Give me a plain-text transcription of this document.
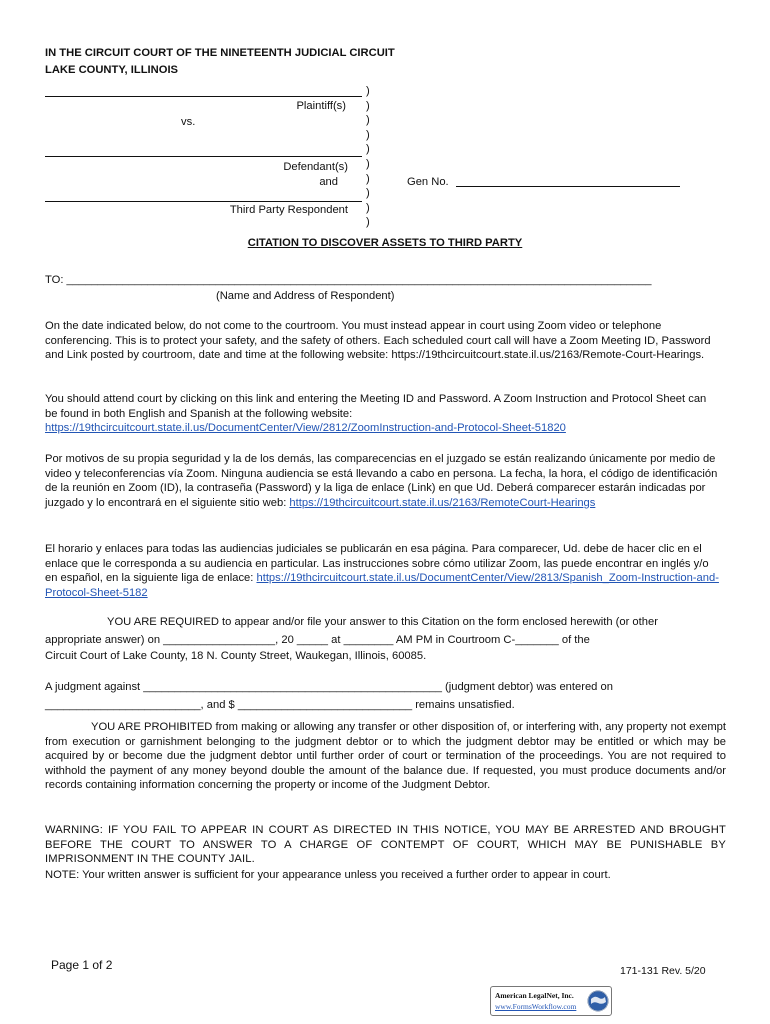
IN THE CIRCUIT COURT OF THE NINETEENTH JUDICIAL CIRCUIT
LAKE COUNTY, ILLINOIS
Plaintiff(s)
vs.
Defendant(s)
and
Third Party Respondent
)
)
)
)
)
)
)
)
)
)
Gen No.
CITATION TO DISCOVER ASSETS TO THIRD PARTY
TO: ______________________________________________________________________________________________
(Name and Address of Respondent)
On the date indicated below, do not come to the courtroom. You must instead appear in court using Zoom video or telephone conferencing. This is to protect your safety, and the safety of others. Each scheduled court call will have a Zoom Meeting ID, Password and Link posted by courtroom, date and time at the following website: https://19thcircuitcourt.state.il.us/2163/Remote-Court-Hearings.
You should attend court by clicking on this link and entering the Meeting ID and Password. A Zoom Instruction and Protocol Sheet can be found in both English and Spanish at the following website: https://19thcircuitcourt.state.il.us/DocumentCenter/View/2812/ZoomInstruction-and-Protocol-Sheet-51820
Por motivos de su propia seguridad y la de los demás, las comparecencias en el juzgado se están realizando únicamente por medio de video y teleconferencias vía Zoom. Ninguna audiencia se está llevando a cabo en persona. La fecha, la hora, el código de identificación de la reunión en Zoom (ID), la contraseña (Password) y la liga de enlace (Link) en que Ud. Deberá comparecer estarán indicadas por juzgado y lo encontrará en el siguiente sitio web: https://19thcircuitcourt.state.il.us/2163/RemoteCourt-Hearings
El horario y enlaces para todas las audiencias judiciales se publicarán en esa página. Para comparecer, Ud. debe de hacer clic en el enlace que le corresponda a su audiencia en particular. Las instrucciones sobre cómo utilizar Zoom, las puede encontrar en inglés y/o en español, en la siguiente liga de enlace: https://19thcircuitcourt.state.il.us/DocumentCenter/View/2813/Spanish_Zoom-Instruction-and-Protocol-Sheet-5182
YOU ARE REQUIRED to appear and/or file your answer to this Citation on the form enclosed herewith (or other
appropriate answer) on __________________, 20 _____ at ________ AM PM in Courtroom C-_______ of the
Circuit Court of Lake County, 18 N. County Street, Waukegan, Illinois, 60085.
A judgment against ________________________________________________ (judgment debtor) was entered on
_________________________, and $ ____________________________ remains unsatisfied.
YOU ARE PROHIBITED from making or allowing any transfer or other disposition of, or interfering with, any property not exempt from execution or garnishment belonging to the judgment debtor or to which the judgment debtor may be entitled or which may be acquired by or become due the judgment debtor until further order of court or termination of the proceedings. You are not required to withhold the payment of any money beyond double the amount of the balance due. If requested, you must produce documents and/or records containing information concerning the property or income of the Judgment Debtor.
WARNING: IF YOU FAIL TO APPEAR IN COURT AS DIRECTED IN THIS NOTICE, YOU MAY BE ARRESTED AND BROUGHT BEFORE THE COURT TO ANSWER TO A CHARGE OF CONTEMPT OF COURT, WHICH MAY BE PUNISHABLE BY IMPRISONMENT IN THE COUNTY JAIL.
NOTE: Your written answer is sufficient for your appearance unless you received a further order to appear in court.
Page 1 of 2	171-131 Rev. 5/20
American LegalNet, Inc.
www.FormsWorkflow.com
